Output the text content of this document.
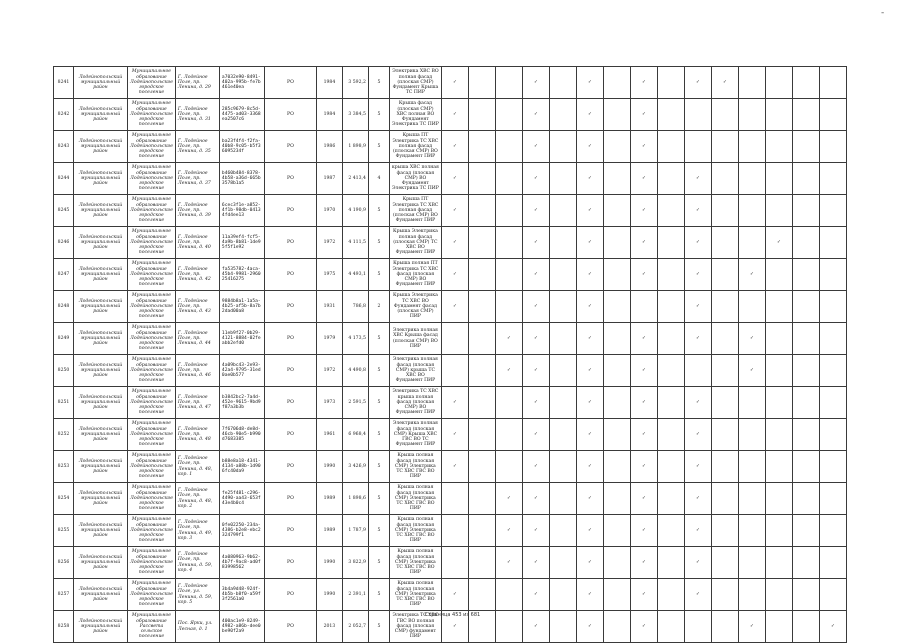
-
8241	Лодейнопольский муниципальный район	Муниципальное образование Лодейнопольское городское поселение	Г. Лодейное Поле, пр. Ленина, д. 29	a7032e90-8491-402a-995b-fe7b461e40ea	РО	1984	3 592,2	5	Электрика ХВС ВО полная фасад (плоская СМР) Фундамент Крыша ТС ПИР	✓			✓		✓		✓		✓	✓				
8242	Лодейнопольский муниципальный район	Муниципальное образование Лодейнопольское городское поселение	Г. Лодейное Поле, пр. Ленина, д. 31	285c9679-8c5d-4475-ad03-3368ea2507c6	РО	1984	3 384,5	5	Крыша фасад (плоская СМР) ХВС полная ВО Фундамент Электрика ТС ПИР	✓			✓		✓		✓							
8243	Лодейнопольский муниципальный район	Муниципальное образование Лодейнопольское городское поселение	Г. Лодейное Поле, пр. Ленина, д. 35	ba23f4f4-f2fa-40b8-9c05-b5f36095234f	РО	1986	1 898,9	5	Крыша ПТ Электрика ТС ХВС полная фасад (плоская СМР) ВО Фундамент ПИР	✓			✓		✓		✓							
8244	Лодейнопольский муниципальный район	Муниципальное образование Лодейнопольское городское поселение	Г. Лодейное Поле, пр. Ленина, д. 37	b460b484-8378-4b58-a36d-665b3578b1a5	РО	1987	2 413,4	4	крыша ХВС полная фасад (плоская СМР) ВО Фундамент Электрика ТС ПИР	✓			✓		✓		✓		✓					
8245	Лодейнопольский муниципальный район	Муниципальное образование Лодейнопольское городское поселение	Г. Лодейное Поле, пр. Ленина, д. 39	6cec3f1e-a852-4f1b-98db-04134fd4ee13	РО	1970	4 190,9	5	Крыша ПТ Электрика ТС ХВС полная фасад (плоская СМР) ВО Фундамент ПИР	✓			✓		✓		✓		✓					
8246	Лодейнопольский муниципальный район	Муниципальное образование Лодейнопольское городское поселение	Г. Лодейное Поле, пр. Ленина, д. 40	11a39ef4-fcf5-4a9b-8b81-1de95f5f1e92	РО	1972	4 111,5	5	Крыша Электрика полная фасад (плоская СМР) ТС ХВС ВО Фундамент ПИР	✓			✓		✓		✓		✓			✓		
8247	Лодейнопольский муниципальный район	Муниципальное образование Лодейнопольское городское поселение	Г. Лодейное Поле, пр. Ленина, д. 42	fa535782-4aca-45b4-9981-296025416275	РО	1975	4 493,1	5	Крыша полная ПТ Электрика ТС ХВС фасад (плоская СМР) ВО Фундамент ПИР	✓			✓		✓		✓		✓		✓			
8248	Лодейнопольский муниципальный район	Муниципальное образование Лодейнопольское городское поселение	Г. Лодейное Поле, пр. Ленина, д. 43	9884b8a1-1a5a-4b25-af5b-8a7b2dad00a8	РО	1931	786,8	2	Крыша Электрика ТС ХВС ВО Фундамент фасад (плоская СМР) ПИР	✓			✓		✓				✓					
8249	Лодейнопольский муниципальный район	Муниципальное образование Лодейнопольское городское поселение	Г. Лодейное Поле, пр. Ленина, д. 44	11eb9f27-0b29-4121-8884-02feabb2efd0	РО	1979	4 173,5	5	Электрика полная ХВС Крыша фасад (плоская СМР) ВО ПИР			✓	✓		✓		✓		✓		✓			
8250	Лодейнопольский муниципальный район	Муниципальное образование Лодейнопольское городское поселение	Г. Лодейное Поле, пр. Ленина, д. 46	4a09bc43-2e93-42a4-9795-31ed0ae0b577	РО	1972	4 490,8	5	Электрика полная фасад (плоская СМР) крыша ТС ХВС ВО Фундамент ПИР			✓	✓		✓		✓				✓			
8251	Лодейнопольский муниципальный район	Муниципальное образование Лодейнопольское городское поселение	Г. Лодейное Поле, пр. Ленина, д. 47	b3842bc2-7a4d-452e-9615-9bd9f87a3b3b	РО	1973	2 591,5	5	Электрика ТС ХВС крыша полная фасад (плоская СМР) ВО Фундамент ПИР	✓			✓		✓		✓		✓					
8252	Лодейнопольский муниципальный район	Муниципальное образование Лодейнопольское городское поселение	Г. Лодейное Поле, пр. Ленина, д. 48	7f6706d8-de8d-46cb-90e5-b990d7683385	РО	1961	6 968,4	5	Электрика полная фасад (плоская СМР) Крыша ХВС ГВС ВО ТС Фундамент ПИР	✓			✓		✓		✓		✓					
8253	Лодейнопольский муниципальный район	Муниципальное образование Лодейнопольское городское поселение	Г. Лодейное Поле, пр. Ленина, д. 48, кор. 1	b88e8a18-4341-4134-a88b-1d906fc40da9	РО	1990	3 426,9	5	Крыша полная фасад (плоская СМР) Электрика ТС ХВС ГВС ВО ПИР	✓			✓		✓		✓		✓					
8254	Лодейнопольский муниципальный район	Муниципальное образование Лодейнопольское городское поселение	Г. Лодейное Поле, пр. Ленина, д. 48, кор. 2	fe25f481-c296-4490-aa43-653f43e4b0c4	РО	1989	1 898,6	5	Крыша полная фасад (плоская СМР) Электрика ТС ХВС ГВС ВО ПИР			✓	✓		✓		✓		✓					
8255	Лодейнопольский муниципальный район	Муниципальное образование Лодейнопольское городское поселение	Г. Лодейное Поле, пр. Ленина, д. 49, кор. 3	0fe02250-234a-4386-b2e8-ebc2324799f1	РО	1989	1 787,9	5	Крыша полная фасад (плоская СМР) Электрика ТС ХВС ГВС ВО ПИР			✓	✓		✓		✓		✓					
8256	Лодейнопольский муниципальный район	Муниципальное образование Лодейнопольское городское поселение	Г. Лодейное Поле, пр. Ленина, д. 59, кор. 4	4a080963-9b62-4b7f-9ac8-ad0f83998562	РО	1990	3 822,9	5	Крыша полная фасад (плоская СМР) Электрика ТС ХВС ГВС ВО ПИР			✓	✓		✓		✓		✓					
8257	Лодейнопольский муниципальный район	Муниципальное образование Лодейнопольское городское поселение	Г. Лодейное Поле, ул. Ленина, д. 59, кор. 5	3b4a9d48-924f-4b5b-b8f0-a59f3f2561a0	РО	1990	2 391,1	5	Крыша полная фасад (плоская СМР) Электрика ТС ХВС ГВС ВО ПИР	✓			✓		✓		✓		✓					
8258	Лодейнопольский муниципальный район	Муниципальное образование Рассвета сельское поселение	Пос. Ярки, ул. Лесная, д. 1	400ac1e9-8249-4982-a86b-dee0be90f2a9	РО	2013	2 052,7	5	Электрика ТС ХВС ГВС ВО полная фасад (плоская СМР) фундамент ПИР	✓			✓		✓		✓				✓			✓
Страница 453 из 681
